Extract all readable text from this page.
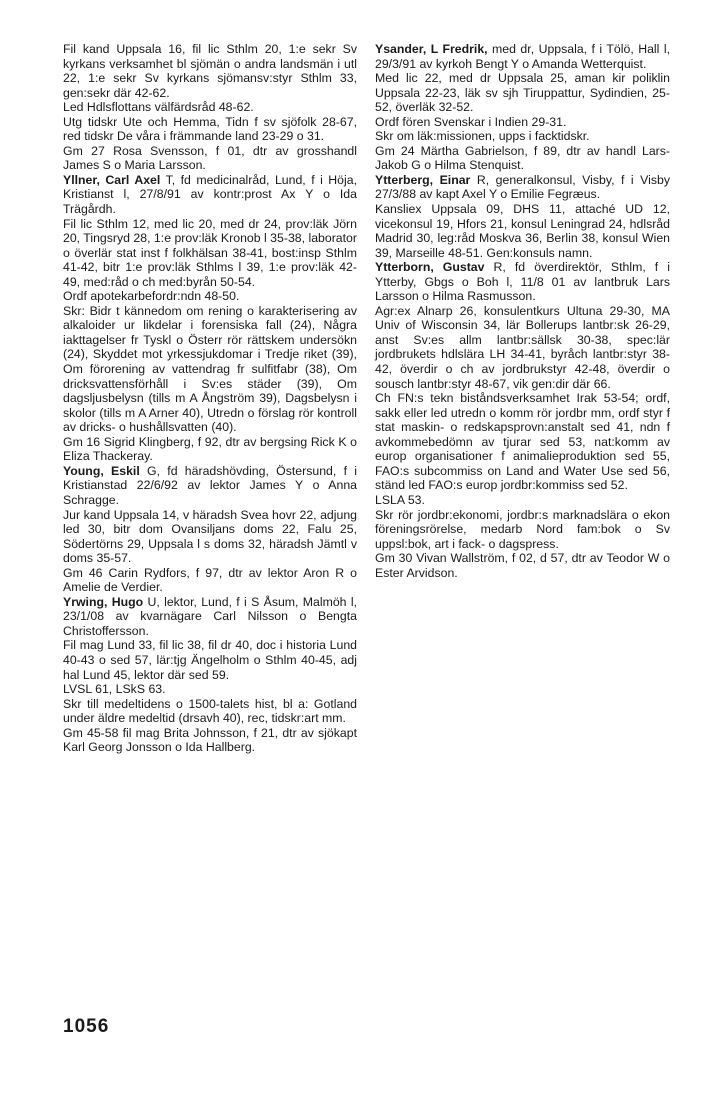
Fil kand Uppsala 16, fil lic Sthlm 20, 1:e sekr Sv kyrkans verksamhet bl sjömän o andra landsmän i utl 22, 1:e sekr Sv kyrkans sjömansv:styr Sthlm 33, gen:sekr där 42-62.

Led Hdlsflottans välfärdsråd 48-62.

Utg tidskr Ute och Hemma, Tidn f sv sjöfolk 28-67, red tidskr De våra i främmande land 23-29 o 31.

Gm 27 Rosa Svensson, f 01, dtr av grosshandl James S o Maria Larsson.

Yllner, Carl Axel T, fd medicinalråd, Lund, f i Höja, Kristianst l, 27/8/91 av kontr:prost Ax Y o Ida Trägårdh.

Fil lic Sthlm 12, med lic 20, med dr 24, prov:läk Jörn 20, Tingsryd 28, 1:e prov:läk Kronob l 35-38, laborator o överlär stat inst f folkhälsan 38-41, bost:insp Sthlm 41-42, bitr 1:e prov:läk Sthlms l 39, 1:e prov:läk 42-49, med:råd o ch med:byrån 50-54.

Ordf apotekarbefordr:ndn 48-50.

Skr: Bidr t kännedom om rening o karakterisering av alkaloider ur likdelar i forensiska fall (24), Några iakttagelser fr Tyskl o Österr rör rättskem undersökn (24), Skyddet mot yrkessjukdomar i Tredje riket (39), Om förorening av vattendrag fr sulfitfabr (38), Om dricksvattensförhåll i Sv:es städer (39), Om dagsljusbelysn (tills m A Ångström 39), Dagsbelysn i skolor (tills m A Arner 40), Utredn o förslag rör kontroll av dricks- o hushållsvatten (40).

Gm 16 Sigrid Klingberg, f 92, dtr av bergsing Rick K o Eliza Thackeray.

Young, Eskil G, fd häradshövding, Östersund, f i Kristianstad 22/6/92 av lektor James Y o Anna Schragge.

Jur kand Uppsala 14, v häradsh Svea hovr 22, adjung led 30, bitr dom Ovansiljans doms 22, Falu 25, Södertörns 29, Uppsala l s doms 32, häradsh Jämtl v doms 35-57.

Gm 46 Carin Rydfors, f 97, dtr av lektor Aron R o Amelie de Verdier.

Yrwing, Hugo U, lektor, Lund, f i S Åsum, Malmöh l, 23/1/08 av kvarnägare Carl Nilsson o Bengta Christoffersson.

Fil mag Lund 33, fil lic 38, fil dr 40, doc i historia Lund 40-43 o sed 57, lär:tjg Ängelholm o Sthlm 40-45, adj hal Lund 45, lektor där sed 59.

LVSL 61, LSkS 63.

Skr till medeltidens o 1500-talets hist, bl a: Gotland under äldre medeltid (drsavh 40), rec, tidskr:art mm.

Gm 45-58 fil mag Brita Johnsson, f 21, dtr av sjökapt Karl Georg Jonsson o Ida Hallberg.

Ysander, L Fredrik, med dr, Uppsala, f i Tölö, Hall l, 29/3/91 av kyrkoh Bengt Y o Amanda Wetterquist.

Med lic 22, med dr Uppsala 25, aman kir poliklin Uppsala 22-23, läk sv sjh Tiruppattur, Sydindien, 25-52, överläk 32-52.

Ordf fören Svenskar i Indien 29-31.

Skr om läk:missionen, upps i facktidskr.

Gm 24 Märtha Gabrielson, f 89, dtr av handl Lars-Jakob G o Hilma Stenquist.

Ytterberg, Einar R, generalkonsul, Visby, f i Visby 27/3/88 av kapt Axel Y o Emilie Fegræus.

Kansliex Uppsala 09, DHS 11, attaché UD 12, vicekonsul 19, Hfors 21, konsul Leningrad 24, hdlsråd Madrid 30, leg:råd Moskva 36, Berlin 38, konsul Wien 39, Marseille 48-51. Gen:konsuls namn.

Ytterborn, Gustav R, fd överdirektör, Sthlm, f i Ytterby, Gbgs o Boh l, 11/8 01 av lantbruk Lars Larsson o Hilma Rasmusson.

Agr:ex Alnarp 26, konsulentkurs Ultuna 29-30, MA Univ of Wisconsin 34, lär Bollerups lantbr:sk 26-29, anst Sv:es allm lantbr:sällsk 30-38, spec:lär jordbrukets hdlslära LH 34-41, byråch lantbr:styr 38-42, överdir o ch av jordbrukstyr 42-48, överdir o sousch lantbr:styr 48-67, vik gen:dir där 66.

Ch FN:s tekn biståndsverksamhet Irak 53-54; ordf, sakk eller led utredn o komm rör jordbr mm, ordf styr f stat maskin- o redskapsprovn:anstalt sed 41, ndn f avkommebedömn av tjurar sed 53, nat:komm av europ organisationer f animalieproduktion sed 55, FAO:s subcommiss on Land and Water Use sed 56, ständ led FAO:s europ jordbr:kommiss sed 52.

LSLA 53.

Skr rör jordbr:ekonomi, jordbr:s marknadslära o ekon föreningsrörelse, medarb Nord fam:bok o Sv uppsl:bok, art i fack- o dagspress.

Gm 30 Vivan Wallström, f 02, d 57, dtr av Teodor W o Ester Arvidson.

1056
